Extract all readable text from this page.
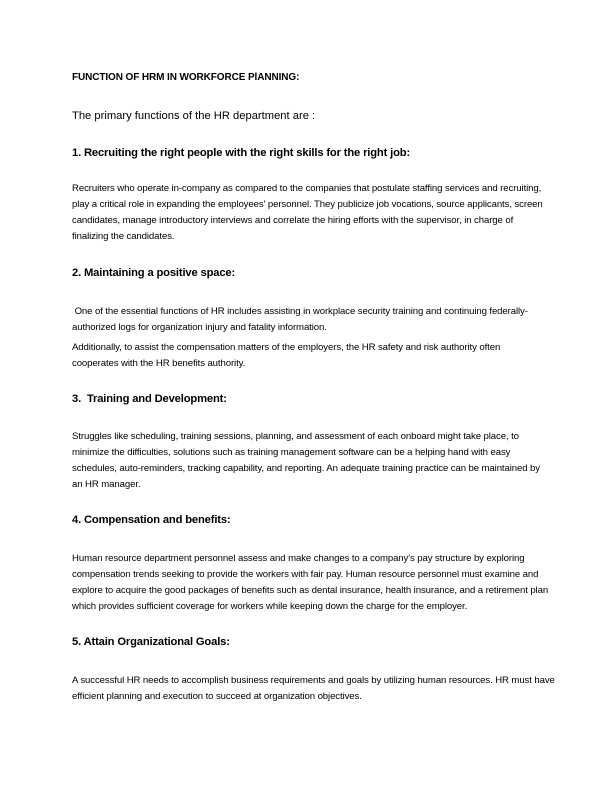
FUNCTION OF HRM IN WORKFORCE PlANNING:

The primary functions of the HR department are :

1. Recruiting the right people with the right skills for the right job:

Recruiters who operate in-company as compared to the companies that postulate staffing services and recruiting,
play a critical role in expanding the employees' personnel. They publicize job vocations, source applicants, screen
candidates, manage introductory interviews and correlate the hiring efforts with the supervisor, in charge of
finalizing the candidates.

2. Maintaining a positive space:

One of the essential functions of HR includes assisting in workplace security training and continuing federally-
authorized logs for organization injury and fatality information.
Additionally, to assist the compensation matters of the employers, the HR safety and risk authority often
cooperates with the HR benefits authority.

3.  Training and Development:

Struggles like scheduling, training sessions, planning, and assessment of each onboard might take place, to
minimize the difficulties, solutions such as training management software can be a helping hand with easy
schedules, auto-reminders, tracking capability, and reporting. An adequate training practice can be maintained by
an HR manager.

4. Compensation and benefits:

Human resource department personnel assess and make changes to a company's pay structure by exploring
compensation trends seeking to provide the workers with fair pay. Human resource personnel must examine and
explore to acquire the good packages of benefits such as dental insurance, health insurance, and a retirement plan
which provides sufficient coverage for workers while keeping down the charge for the employer.

5. Attain Organizational Goals:

A successful HR needs to accomplish business requirements and goals by utilizing human resources. HR must have
efficient planning and execution to succeed at organization objectives.
